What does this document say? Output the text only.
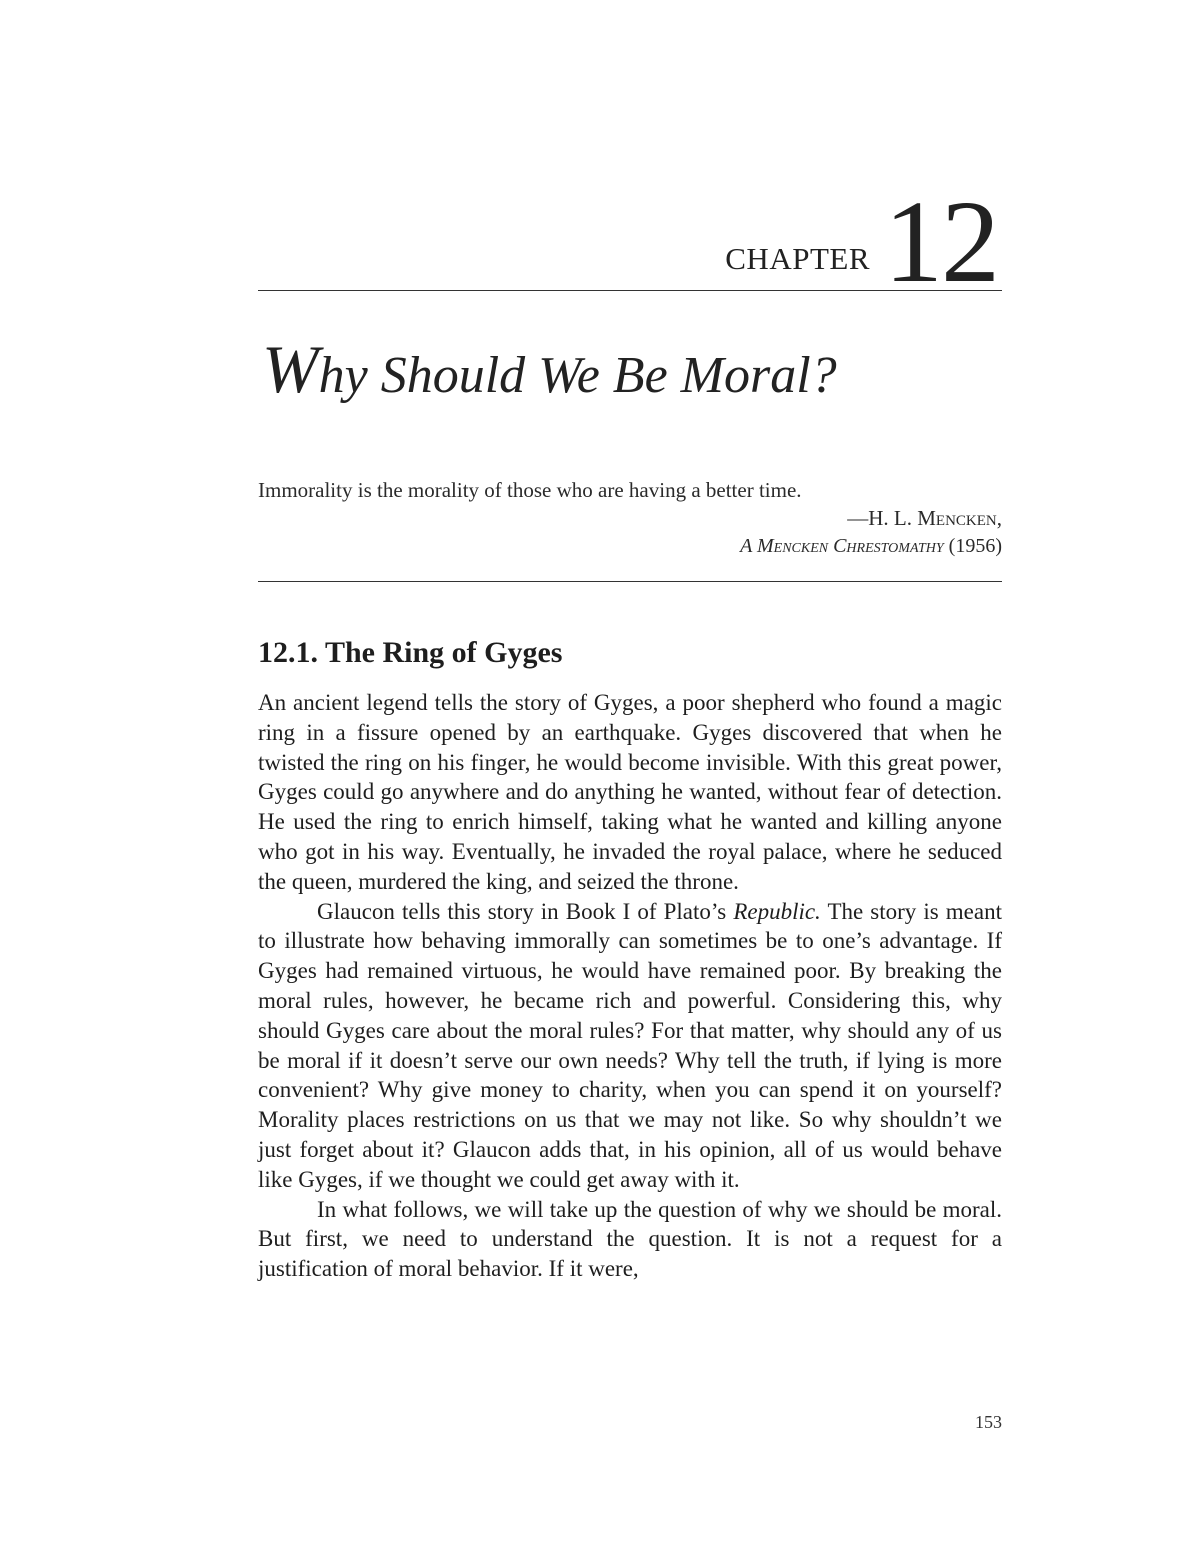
CHAPTER 12
Why Should We Be Moral?
Immorality is the morality of those who are having a better time.
—H. L. Mencken,
A Mencken Chrestomathy (1956)
12.1. The Ring of Gyges

An ancient legend tells the story of Gyges, a poor shepherd who found a magic ring in a fissure opened by an earthquake. Gyges discovered that when he twisted the ring on his finger, he would become invisible. With this great power, Gyges could go anywhere and do anything he wanted, without fear of detection. He used the ring to enrich himself, taking what he wanted and killing anyone who got in his way. Eventually, he invaded the royal palace, where he seduced the queen, murdered the king, and seized the throne.

Glaucon tells this story in Book I of Plato’s Republic. The story is meant to illustrate how behaving immorally can sometimes be to one’s advantage. If Gyges had remained virtuous, he would have remained poor. By breaking the moral rules, however, he became rich and powerful. Considering this, why should Gyges care about the moral rules? For that matter, why should any of us be moral if it doesn’t serve our own needs? Why tell the truth, if lying is more convenient? Why give money to charity, when you can spend it on yourself? Morality places restrictions on us that we may not like. So why shouldn’t we just forget about it? Glaucon adds that, in his opinion, all of us would behave like Gyges, if we thought we could get away with it.

In what follows, we will take up the question of why we should be moral. But first, we need to understand the question. It is not a request for a justification of moral behavior. If it were,

153
